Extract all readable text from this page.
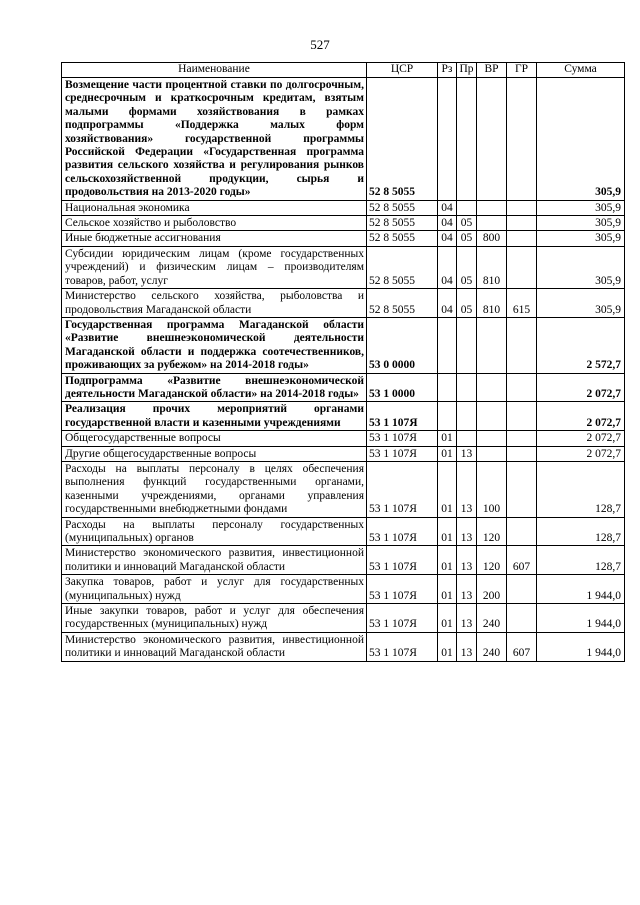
527
Наименование	ЦСР	Рз	Пр	ВР	ГР	Сумма
Возмещение части процентной ставки по долгосрочным, среднесрочным и краткосрочным кредитам, взятым малыми формами хозяйствования в рамках подпрограммы «Поддержка малых форм хозяйствования» государственной программы Российской Федерации «Государственная программа развития сельского хозяйства и регулирования рынков сельскохозяйственной продукции, сырья и продовольствия на 2013-2020 годы»	52 8 5055					305,9
Национальная экономика	52 8 5055	04				305,9
Сельское хозяйство и рыболовство	52 8 5055	04	05			305,9
Иные бюджетные ассигнования	52 8 5055	04	05	800		305,9
Субсидии юридическим лицам (кроме государственных учреждений) и физическим лицам – производителям товаров, работ, услуг	52 8 5055	04	05	810		305,9
Министерство сельского хозяйства, рыболовства и продовольствия Магаданской области	52 8 5055	04	05	810	615	305,9
Государственная программа Магаданской области «Развитие внешнеэкономической деятельности Магаданской области и поддержка соотечественников, проживающих за рубежом» на 2014-2018 годы»	53 0 0000					2 572,7
Подпрограмма «Развитие внешнеэкономической деятельности Магаданской области» на 2014-2018 годы»	53 1 0000					2 072,7
Реализация прочих мероприятий органами государственной власти и казенными учреждениями	53 1 107Я					2 072,7
Общегосударственные вопросы	53 1 107Я	01				2 072,7
Другие общегосударственные вопросы	53 1 107Я	01	13			2 072,7
Расходы на выплаты персоналу в целях обеспечения выполнения функций государственными органами, казенными учреждениями, органами управления государственными внебюджетными фондами	53 1 107Я	01	13	100		128,7
Расходы на выплаты персоналу государственных (муниципальных) органов	53 1 107Я	01	13	120		128,7
Министерство экономического развития, инвестиционной политики и инноваций Магаданской области	53 1 107Я	01	13	120	607	128,7
Закупка товаров, работ и услуг для государственных (муниципальных) нужд	53 1 107Я	01	13	200		1 944,0
Иные закупки товаров, работ и услуг для обеспечения государственных (муниципальных) нужд	53 1 107Я	01	13	240		1 944,0
Министерство экономического развития, инвестиционной политики и инноваций Магаданской области	53 1 107Я	01	13	240	607	1 944,0
